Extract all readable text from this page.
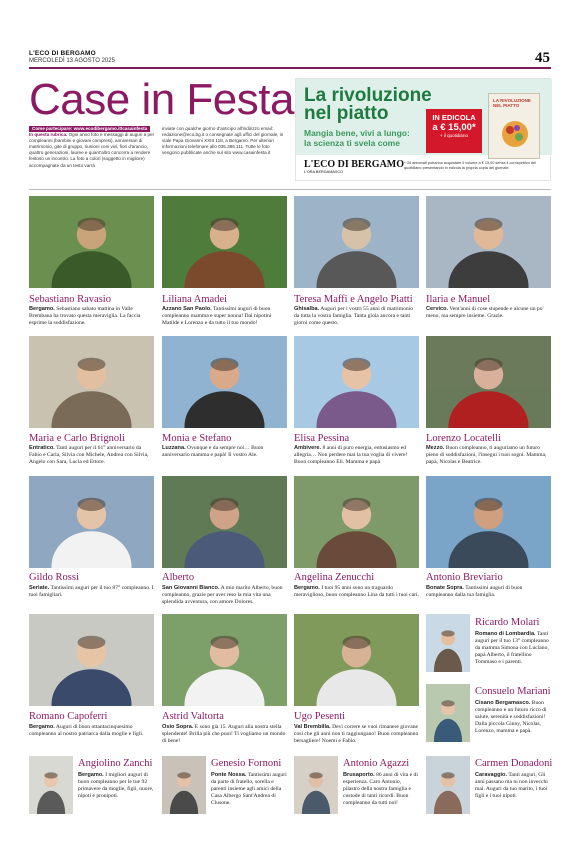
L'ECO DI BERGAMO
MERCOLEDÌ 13 AGOSTO 2025	45
Case in Festa
Come partecipare: www.ecodibergamo.it/casainfesta
In questa rubrica. Ogni anno foto e messaggi di auguri a per compleanni (bambini e giovani compresi), anniversari di matrimonio, gite di gruppo, riunioni coni vivi, fiori d'arancio, quattro generazioni, lauree e quant'altro concorra a rendere festoso un incontro. La foto a colori (soggetto in migliore) accompagnate da un testo varrà
inviate con qualche giorno d'anticipo all'indirizzo email: redazione@eco.bg.it o consegnate agli uffici del giornale, in viale Papa Giovanni XXIII 118, a Bergamo. Per ulteriori informazioni telefonare allo 035.386.111. Tutte le foto vengono pubblicate anche sul sito www.casainfesta.it
La rivoluzione
nel piatto
Mangia bene, vivi a lungo:
la scienza ti svela come
IN EDICOLA
a € 15,00*
+ il quotidiano
LA RIVOLUZIONE NEL PIATTO
L'ECO DI BERGAMO
L'ORA BERGAMASCO
* Gli abbonati potranno acquistare il volume a € 15,00 senza il corrispettivo del quotidiano presentando in edicola la propria copia del giornale.
Sebastiano Ravasio
Bergamo. Sebastiano sabato mattina in Valle Brembana ha trovato questa meraviglia. La faccia esprime la soddisfazione.
Liliana Amadei
Azzano San Paolo. Tantissimi auguri di buon compleanno mamma e super nonna! Dai nipotini Matilde e Lorenzo e da tutto il tuo mondo!
Teresa Maffi e Angelo Piatti
Ghisalba. Auguri per i vostri 55 anni di matrimonio da tutta la vostra famiglia. Tanta gioia ancora e tanti giorni come questo.
Ilaria e Manuel
Cervico. Vent'anni di cose stupende e alcune un po' meno, ma sempre insieme. Grazie.
Maria e Carlo Brignoli
Entratico. Tanti auguri per il 61° anniversario da Fabio e Carla, Silvia con Michele, Andrea con Silvia, Angelo con Sara, Lucia ed Ettore.
Monia e Stefano
Luzzana. Ovunque e da sempre noi… Buon anniversario mamma e papà! Il vostro Ale.
Elisa Pessina
Ambivere. 8 anni di puro energia, entusiasmo ed allegria… Non perdere mai la tua voglia di vivere! Buon compleanno Eli. Mamma e papà
Lorenzo Locatelli
Mezzo. Buon compleanno, ti auguriamo un futuro pieno di soddisfazioni, l'insegui i tuoi sogni. Mamma, papà, Nicolas e Beatrice.
Gildo Rossi
Seriate. Tantissimi auguri per il tuo 87° compleanno. I tuoi famigliari.
Alberto
San Giovanni Bianco. A mio marito Alberto, buon compleanno, grazie per aver reso la mia vita una splendida avventura, con amore Dolores.
Angelina Zenucchi
Bergamo. I tuoi 95 anni sono un traguardo meraviglioso, buon compleanno Lina da tutti i tuoi cari.
Antonio Breviario
Bonate Sopra. Tantissimi auguri di buon compleanno dalla tua famiglia.
Romano Capoferri
Bergamo. Auguri di buon ottantacinquesimo compleanno al nostro patriarca dalla moglie e figli.
Astrid Valtorta
Osio Sopra. E sono già 15. Auguri alla nostra stella splendente! Brilla più che puoi! Ti vogliamo un mondo di bene!
Ugo Pesenti
Val Brembilla. Devi correre se vuoi rimanere giovane così che gli anni non ti raggiungano! Buon compleanno bersagliere! Noemi e Fabio.
Ricardo Molari
Romano di Lombardia. Tanti auguri per il tuo 13° compleanno da mamma Simona con Luciano, papà Alberto, il fratellino Tommaso e i parenti.
Consuelo Mariani
Cisano Bergamasco. Buon compleanno e un futuro ricco di salute, serenità e soddisfazioni! Dalla piccola Ginny, Nicolas, Lorenzo, mamma e papà.
Angiolino Zanchi
Bergamo. I migliori auguri di buon compleanno per le tue 92 primavere da moglie, figli, nuore, nipoti e pronipoti.
Genesio Fornoni
Ponte Nossa. Tantissimi auguri da parte di fratello, sorella e parenti insieme agli amici della Casa Albergo Sant'Andrea di Clusone.
Antonio Agazzi
Brusaporto. 86 anni di vita e di esperienza. Caro Antonio, pilastro della nostra famiglia e custode di tanti ricordi. Buon compleanno da tutti noi!
Carmen Donadoni
Caravaggio. Tanti auguri, Gli anni passano ma tu non invecchi mai. Auguri da tuo marito, i tuoi figli e i tuoi nipoti.
